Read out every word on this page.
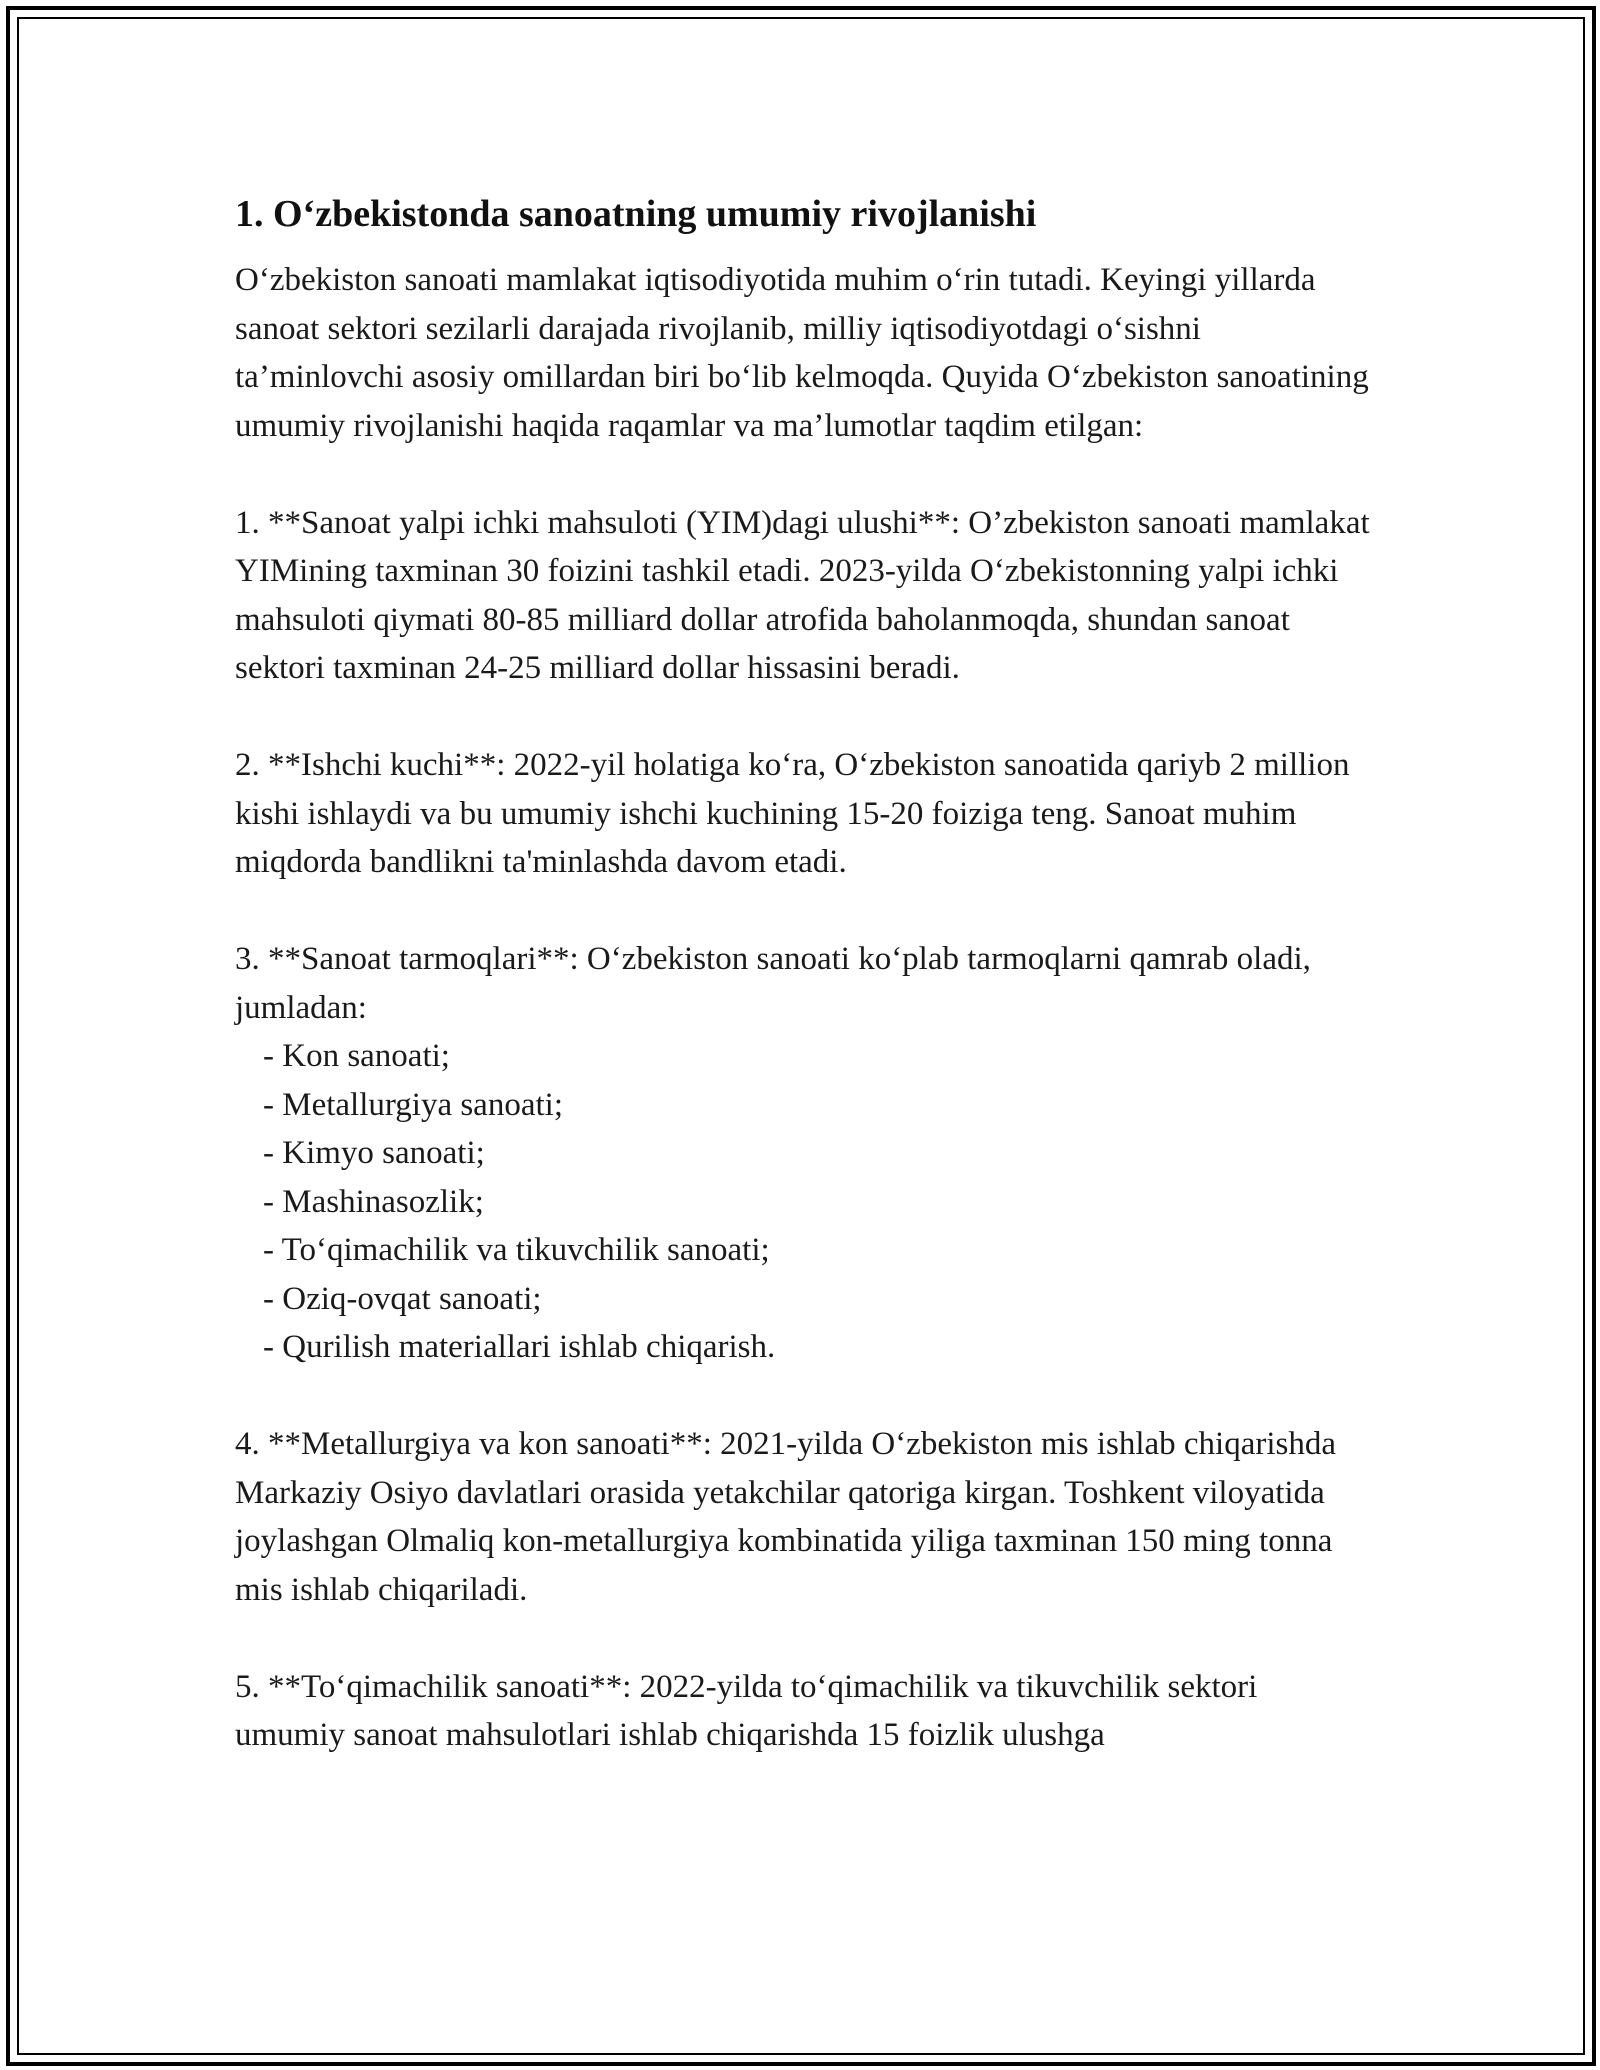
1. O‘zbekistonda sanoatning umumiy rivojlanishi

O‘zbekiston sanoati mamlakat iqtisodiyotida muhim o‘rin tutadi. Keyingi yillarda sanoat sektori sezilarli darajada rivojlanib, milliy iqtisodiyotdagi o‘sishni ta’minlovchi asosiy omillardan biri bo‘lib kelmoqda. Quyida O‘zbekiston sanoatining umumiy rivojlanishi haqida raqamlar va ma’lumotlar taqdim etilgan:

1. **Sanoat yalpi ichki mahsuloti (YIM)dagi ulushi**: O’zbekiston sanoati mamlakat YIMining taxminan 30 foizini tashkil etadi. 2023-yilda O‘zbekistonning yalpi ichki mahsuloti qiymati 80-85 milliard dollar atrofida baholanmoqda, shundan sanoat sektori taxminan 24-25 milliard dollar hissasini beradi.

2. **Ishchi kuchi**: 2022-yil holatiga ko‘ra, O‘zbekiston sanoatida qariyb 2 million kishi ishlaydi va bu umumiy ishchi kuchining 15-20 foiziga teng. Sanoat muhim miqdorda bandlikni ta'minlashda davom etadi.

3. **Sanoat tarmoqlari**: O‘zbekiston sanoati ko‘plab tarmoqlarni qamrab oladi, jumladan:

- Kon sanoati;
- Metallurgiya sanoati;
- Kimyo sanoati;
- Mashinasozlik;
- To‘qimachilik va tikuvchilik sanoati;
- Oziq-ovqat sanoati;
- Qurilish materiallari ishlab chiqarish.

4. **Metallurgiya va kon sanoati**: 2021-yilda O‘zbekiston mis ishlab chiqarishda Markaziy Osiyo davlatlari orasida yetakchilar qatoriga kirgan. Toshkent viloyatida joylashgan Olmaliq kon-metallurgiya kombinatida yiliga taxminan 150 ming tonna mis ishlab chiqariladi.

5. **To‘qimachilik sanoati**: 2022-yilda to‘qimachilik va tikuvchilik sektori umumiy sanoat mahsulotlari ishlab chiqarishda 15 foizlik ulushga
